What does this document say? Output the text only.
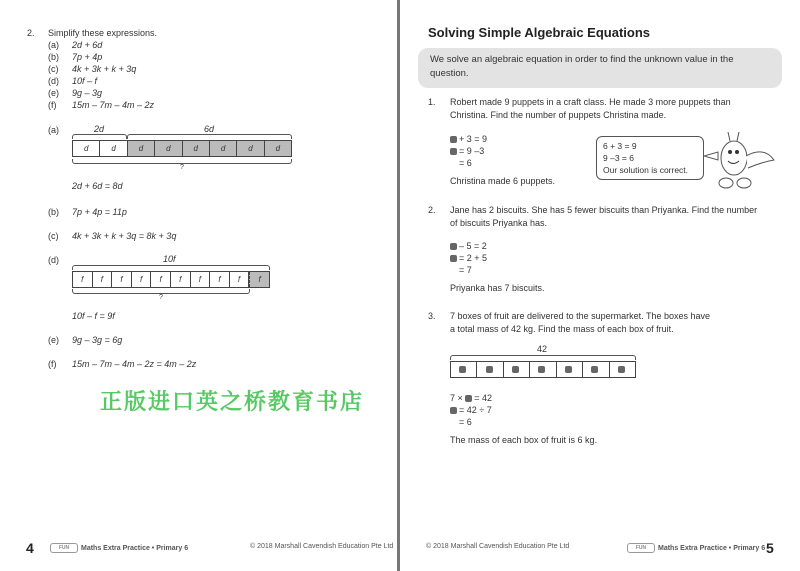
2. Simplify these expressions.
(a) 2d + 6d
(b) 7p + 4p
(c) 4k + 3k + k + 3q
(d) 10f – f
(e) 9g – 3g
(f) 15m – 7m – 4m – 2z
(a)	2d	6d
d	d	d	d	d	d	d	d
?
2d + 6d = 8d
(b) 7p + 4p = 11p
(c) 4k + 3k + k + 3q = 8k + 3q
(d)	10f
f	f	f	f	f	f	f	f	f	f
?
10f – f = 9f
(e) 9g – 3g = 6g
(f) 15m – 7m – 4m – 2z = 4m – 2z
4	FUN Maths Extra Practice • Primary 6	© 2018 Marshall Cavendish Education Pte Ltd
Solving Simple Algebraic Equations
We solve an algebraic equation in order to find the unknown value in the question.
1. Robert made 9 puppets in a craft class. He made 3 more puppets than
Christina. Find the number of puppets Christina made.
+ 3 = 9
= 9 –3
= 6
Christina made 6 puppets.
6 + 3 = 9
9 –3 = 6
Our solution is correct.
2. Jane has 2 biscuits. She has 5 fewer biscuits than Priyanka. Find the number
of biscuits Priyanka has.
– 5 = 2
= 2 + 5
= 7
Priyanka has 7 biscuits.
3. 7 boxes of fruit are delivered to the supermarket. The boxes have
a total mass of 42 kg. Find the mass of each box of fruit.
42
7 × = 42
= 42 ÷ 7
= 6
The mass of each box of fruit is 6 kg.
© 2018 Marshall Cavendish Education Pte Ltd	FUN Maths Extra Practice • Primary 6 5
正版进口英之桥教育书店
